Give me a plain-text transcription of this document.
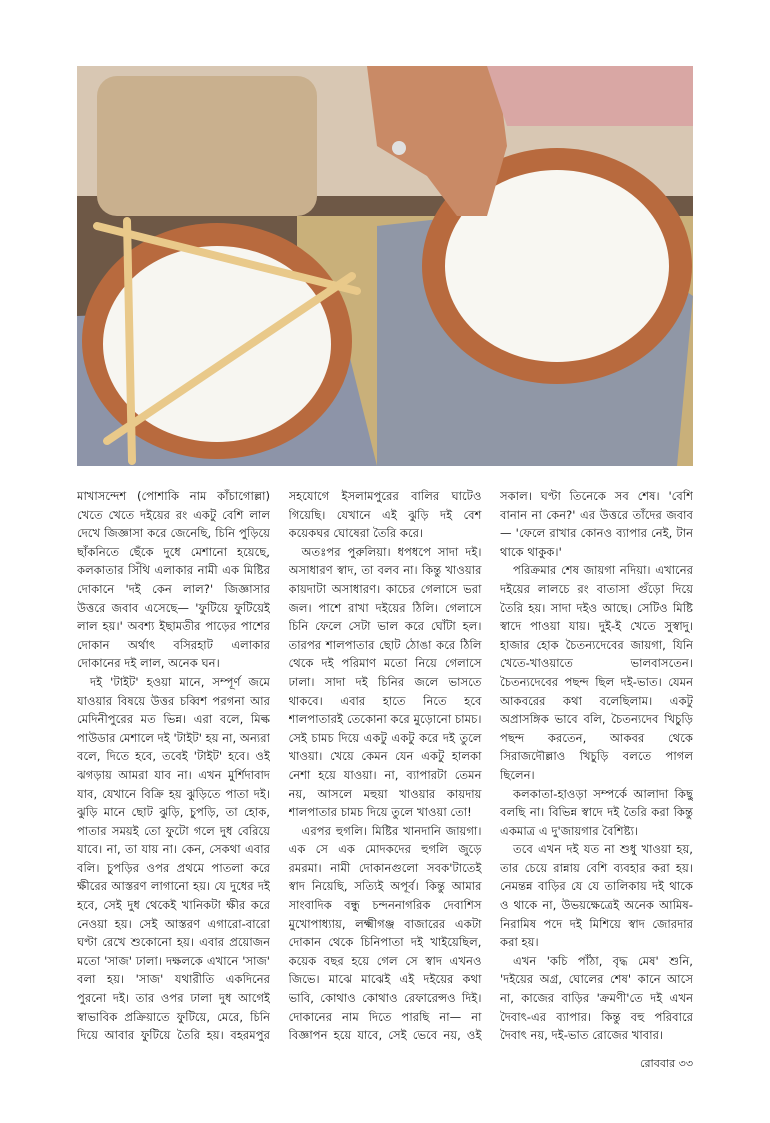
মাখাসন্দেশ (পোশাকি নাম কাঁচাগোল্লা) খেতে খেতে দইয়ের রং একটু বেশি লাল দেখে জিজ্ঞাসা করে জেনেছি, চিনি পুড়িয়ে ছাঁকনিতে ছেঁকে দুধে মেশানো হয়েছে, কলকাতার সিঁথি এলাকার নামী এক মিষ্টির দোকানে 'দই কেন লাল?' জিজ্ঞাসার উত্তরে জবাব এসেছে— 'ফুটিয়ে ফুটিয়েই লাল হয়।' অবশ্য ইছামতীর পাড়ের পাশের দোকান অর্থাৎ বসিরহাট এলাকার দোকানের দই লাল, অনেক ঘন।

দই 'টাইট' হওয়া মানে, সম্পূর্ণ জমে যাওয়ার বিষয়ে উত্তর চব্বিশ পরগনা আর মেদিনীপুরের মত ভিন্ন। এরা বলে, মিল্ক পাউডার মেশালে দই 'টাইট' হয় না, অন্যরা বলে, দিতে হবে, তবেই 'টাইট' হবে। ওই ঝগড়ায় আমরা যাব না। এখন মুর্শিদাবাদ যাব, যেখানে বিক্রি হয় ঝুড়িতে পাতা দই। ঝুড়ি মানে ছোট ঝুড়ি, চুপড়ি, তা হোক, পাতার সময়ই তো ফুটো গলে দুধ বেরিয়ে যাবে। না, তা যায় না। কেন, সেকথা এবার বলি। চুপড়ির ওপর প্রথমে পাতলা করে ক্ষীরের আস্তরণ লাগানো হয়। যে দুধের দই হবে, সেই দুধ থেকেই খানিকটা ক্ষীর করে নেওয়া হয়। সেই আস্তরণ এগারো-বারো ঘণ্টা রেখে শুকোনো হয়। এবার প্রয়োজন মতো 'সাজ' ঢালা। দক্ষলকে এখানে 'সাজ' বলা হয়। 'সাজ' যথারীতি একদিনের পুরনো দই। তার ওপর ঢালা দুধ আগেই স্বাভাবিক প্রক্রিয়াতে ফুটিয়ে, মেরে, চিনি দিয়ে আবার ফুটিয়ে তৈরি হয়। বহরমপুর

সহযোগে ইসলামপুরের বালির ঘাটেও গিয়েছি। যেখানে এই ঝুড়ি দই বেশ কয়েকঘর ঘোষেরা তৈরি করে।

অতঃপর পুরুলিয়া। ধপধপে সাদা দই। অসাধারণ স্বাদ, তা বলব না। কিন্তু খাওয়ার কায়দাটা অসাধারণ। কাচের গেলাসে ভরা জল। পাশে রাখা দইয়ের ঠিলি। গেলাসে চিনি ফেলে সেটা ভাল করে ঘোঁটা হল। তারপর শালপাতার ছোট ঠোঙা করে ঠিলি থেকে দই পরিমাণ মতো নিয়ে গেলাসে ঢালা। সাদা দই চিনির জলে ভাসতে থাকবে। এবার হাতে নিতে হবে শালপাতারই তেকোনা করে মুড়োনো চামচ। সেই চামচ দিয়ে একটু একটু করে দই তুলে খাওয়া। খেয়ে কেমন যেন একটু হালকা নেশা হয়ে যাওয়া। না, ব্যাপারটা তেমন নয়, আসলে মহুয়া খাওয়ার কায়দায় শালপাতার চামচ দিয়ে তুলে খাওয়া তো!

এরপর হুগলি। মিষ্টির খানদানি জায়গা। এক সে এক মোদকদের হুগলি জুড়ে রমরমা। নামী দোকানগুলো সবক'টাতেই স্বাদ নিয়েছি, সত্যিই অপূর্ব। কিন্তু আমার সাংবাদিক বন্ধু চন্দননাগরিক দেবাশিস মুখোপাধ্যায়, লক্ষ্মীগঞ্জ বাজারের একটা দোকান থেকে চিনিপাতা দই খাইয়েছিল, কয়েক বছর হয়ে গেল সে স্বাদ এখনও জিভে। মাঝে মাঝেই এই দইয়ের কথা ভাবি, কোথাও কোথাও রেফারেন্সও দিই। দোকানের নাম দিতে পারছি না— না বিজ্ঞাপন হয়ে যাবে, সেই ভেবে নয়, ওই

সকাল। ঘণ্টা তিনেকে সব শেষ। 'বেশি বানান না কেন?' এর উত্তরে তাঁদের জবাব— 'ফেলে রাখার কোনও ব্যাপার নেই, টান থাকে থাকুক।'

পরিক্রমার শেষ জায়গা নদিয়া। এখানের দইয়ের লালচে রং বাতাসা গুঁড়ো দিয়ে তৈরি হয়। সাদা দইও আছে। সেটিও মিষ্টি স্বাদে পাওয়া যায়। দুই-ই খেতে সুস্বাদু। হাজার হোক চৈতন্যদেবের জায়গা, যিনি খেতে-খাওয়াতে ভালবাসতেন। চৈতন্যদেবের পছন্দ ছিল দই-ভাত। যেমন আকবরের কথা বলেছিলাম। একটু অপ্রাসঙ্গিক ভাবে বলি, চৈতন্যদেব খিচুড়ি পছন্দ করতেন, আকবর থেকে সিরাজদৌল্লাও খিচুড়ি বলতে পাগল ছিলেন।

কলকাতা-হাওড়া সম্পর্কে আলাদা কিছু বলছি না। বিভিন্ন স্বাদে দই তৈরি করা কিন্তু একমাত্র এ দু'জায়গার বৈশিষ্ট্য।

তবে এখন দই যত না শুধু খাওয়া হয়, তার চেয়ে রান্নায় বেশি ব্যবহার করা হয়। নেমন্তন্ন বাড়ির যে যে তালিকায় দই থাকে ও থাকে না, উভয়ক্ষেত্রেই অনেক আমিষ-নিরামিষ পদে দই মিশিয়ে স্বাদ জোরদার করা হয়।

এখন 'কচি পাঁঠা, বৃদ্ধ মেষ' শুনি, 'দইয়ের অগ্র, ঘোলের শেষ' কানে আসে না, কাজের বাড়ির 'ক্রমণী'তে দই এখন দৈবাৎ-এর ব্যাপার। কিন্তু বহু পরিবারে দৈবাৎ নয়, দই-ভাত রোজের খাবার।

রোববার ৩৩
